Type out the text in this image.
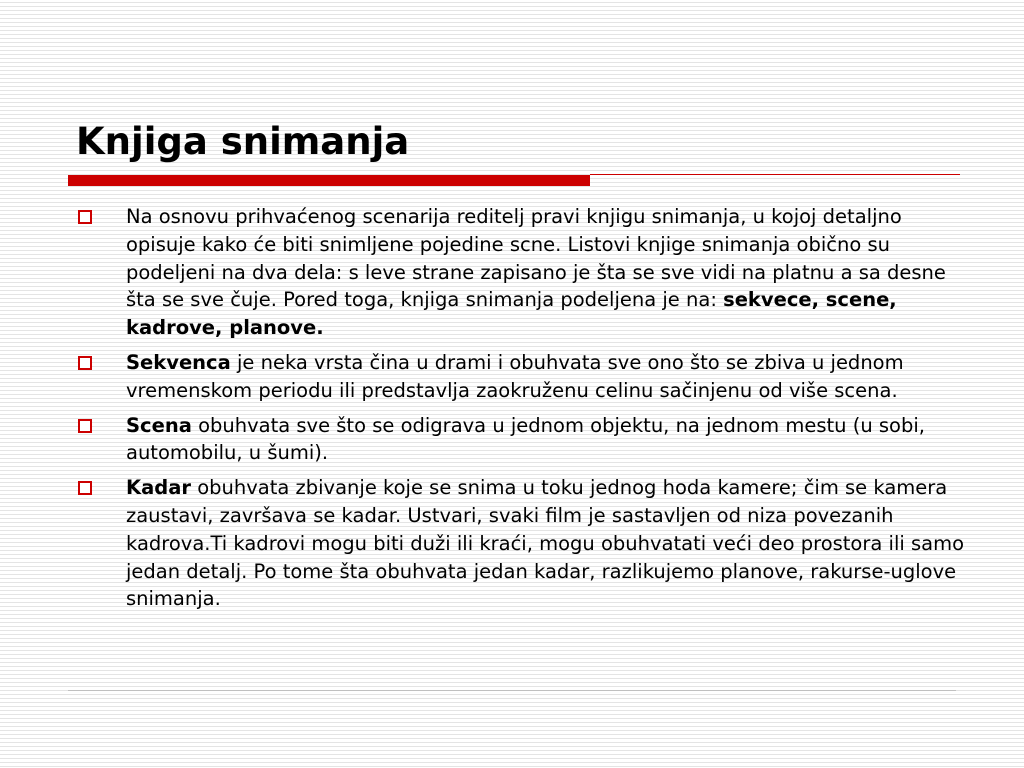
Knjiga snimanja
Na osnovu prihvaćenog scenarija reditelj pravi knjigu snimanja, u kojoj detaljno opisuje kako će biti snimljene pojedine scne. Listovi knjige snimanja obično su podeljeni na dva dela: s leve strane zapisano je šta se sve vidi na platnu a sa desne šta se sve čuje. Pored toga, knjiga snimanja podeljena je na: sekvece, scene, kadrove, planove.
Sekvenca je neka vrsta čina u drami i obuhvata sve ono što se zbiva u jednom vremenskom periodu ili predstavlja zaokruženu celinu sačinjenu od više scena.
Scena obuhvata sve što se odigrava u jednom objektu, na jednom mestu (u sobi, automobilu, u šumi).
Kadar obuhvata zbivanje koje se snima u toku jednog hoda kamere; čim se kamera zaustavi, završava se kadar. Ustvari, svaki film je sastavljen od niza povezanih kadrova.Ti kadrovi mogu biti duži ili kraći, mogu obuhvatati veći deo prostora ili samo jedan detalj. Po tome šta obuhvata jedan kadar, razlikujemo planove, rakurse-uglove snimanja.
